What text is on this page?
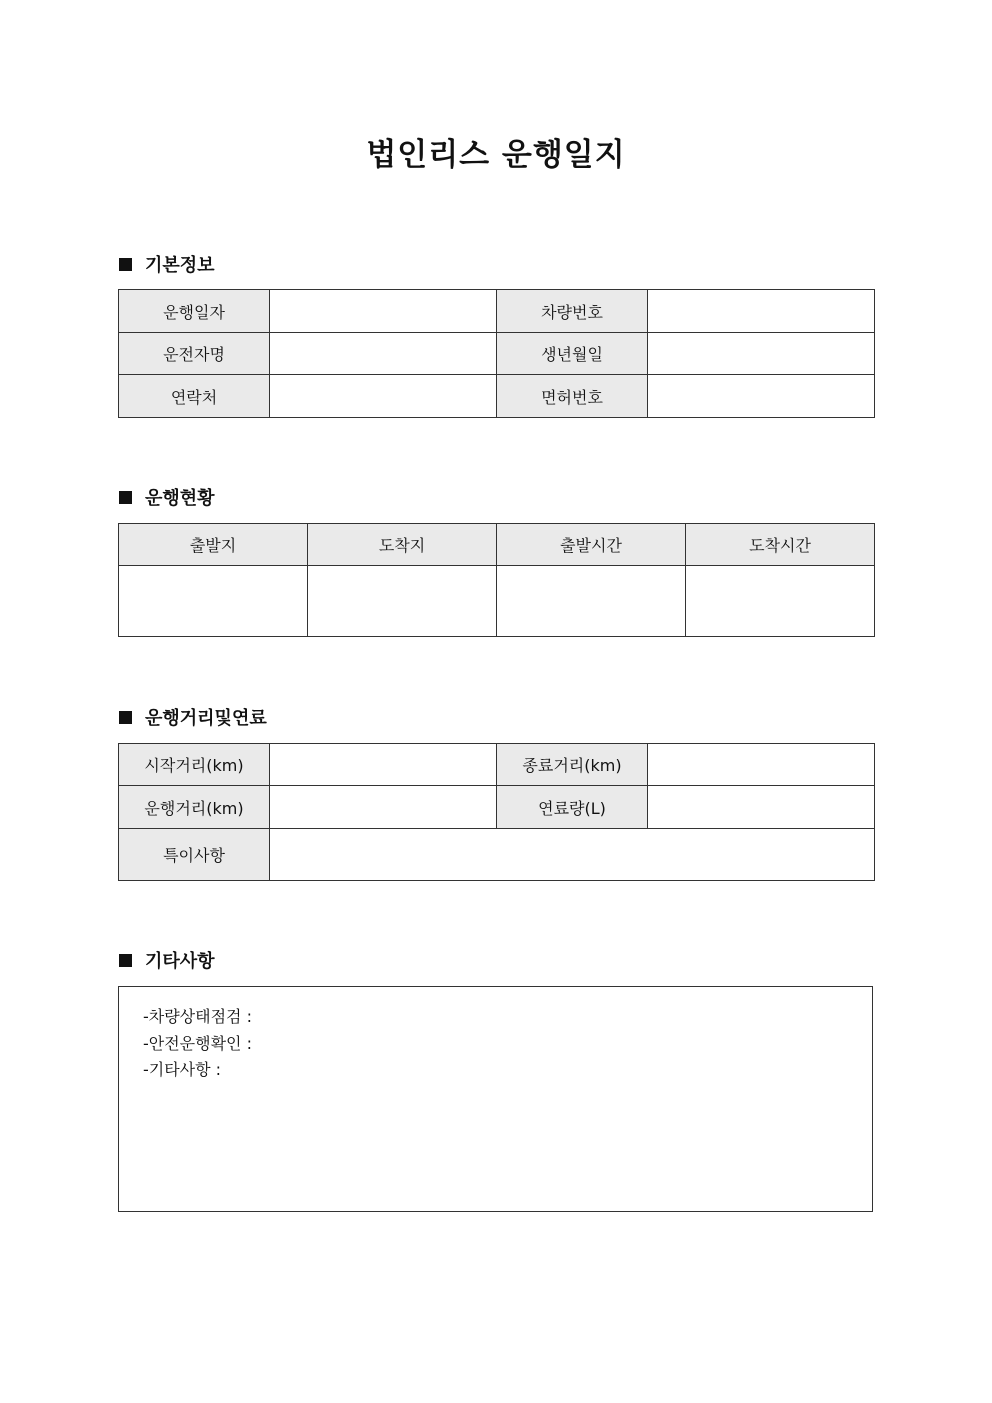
법인리스 운행일지
기본정보
운행일자		차량번호	
운전자명		생년월일	
연락처		면허번호	
운행현황
출발지	도착지	출발시간	도착시간

운행거리및연료
시작거리(km)		종료거리(km)	
운행거리(km)		연료량(L)	
특이사항			
기타사항
-차량상태점검 :
-안전운행확인 :
-기타사항 :
